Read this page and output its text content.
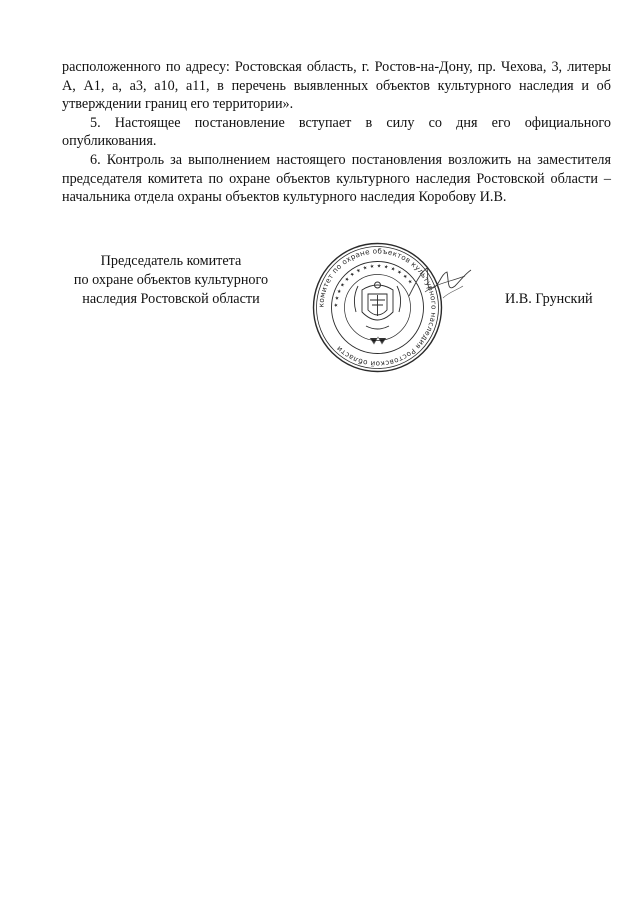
расположенного по адресу: Ростовская область, г. Ростов-на-Дону, пр. Чехова, 3, литеры А, А1, а, а3, а10, а11, в перечень выявленных объектов культурного наследия и об утверждении границ его территории».

5. Настоящее постановление вступает в силу со дня его официального опубликования.

6. Контроль за выполнением настоящего постановления возложить на заместителя председателя комитета по охране объектов культурного наследия Ростовской области – начальника отдела охраны объектов культурного наследия Коробову И.В.

Председатель комитета
по охране объектов культурного
наследия Ростовской области	комитет по охране объектов культурного наследия Ростовской области
★ ★ ★ ★ ★ ★ ★ ★ ★ ★ ★ ★ ★ ★ ★
И.В. Грунский
